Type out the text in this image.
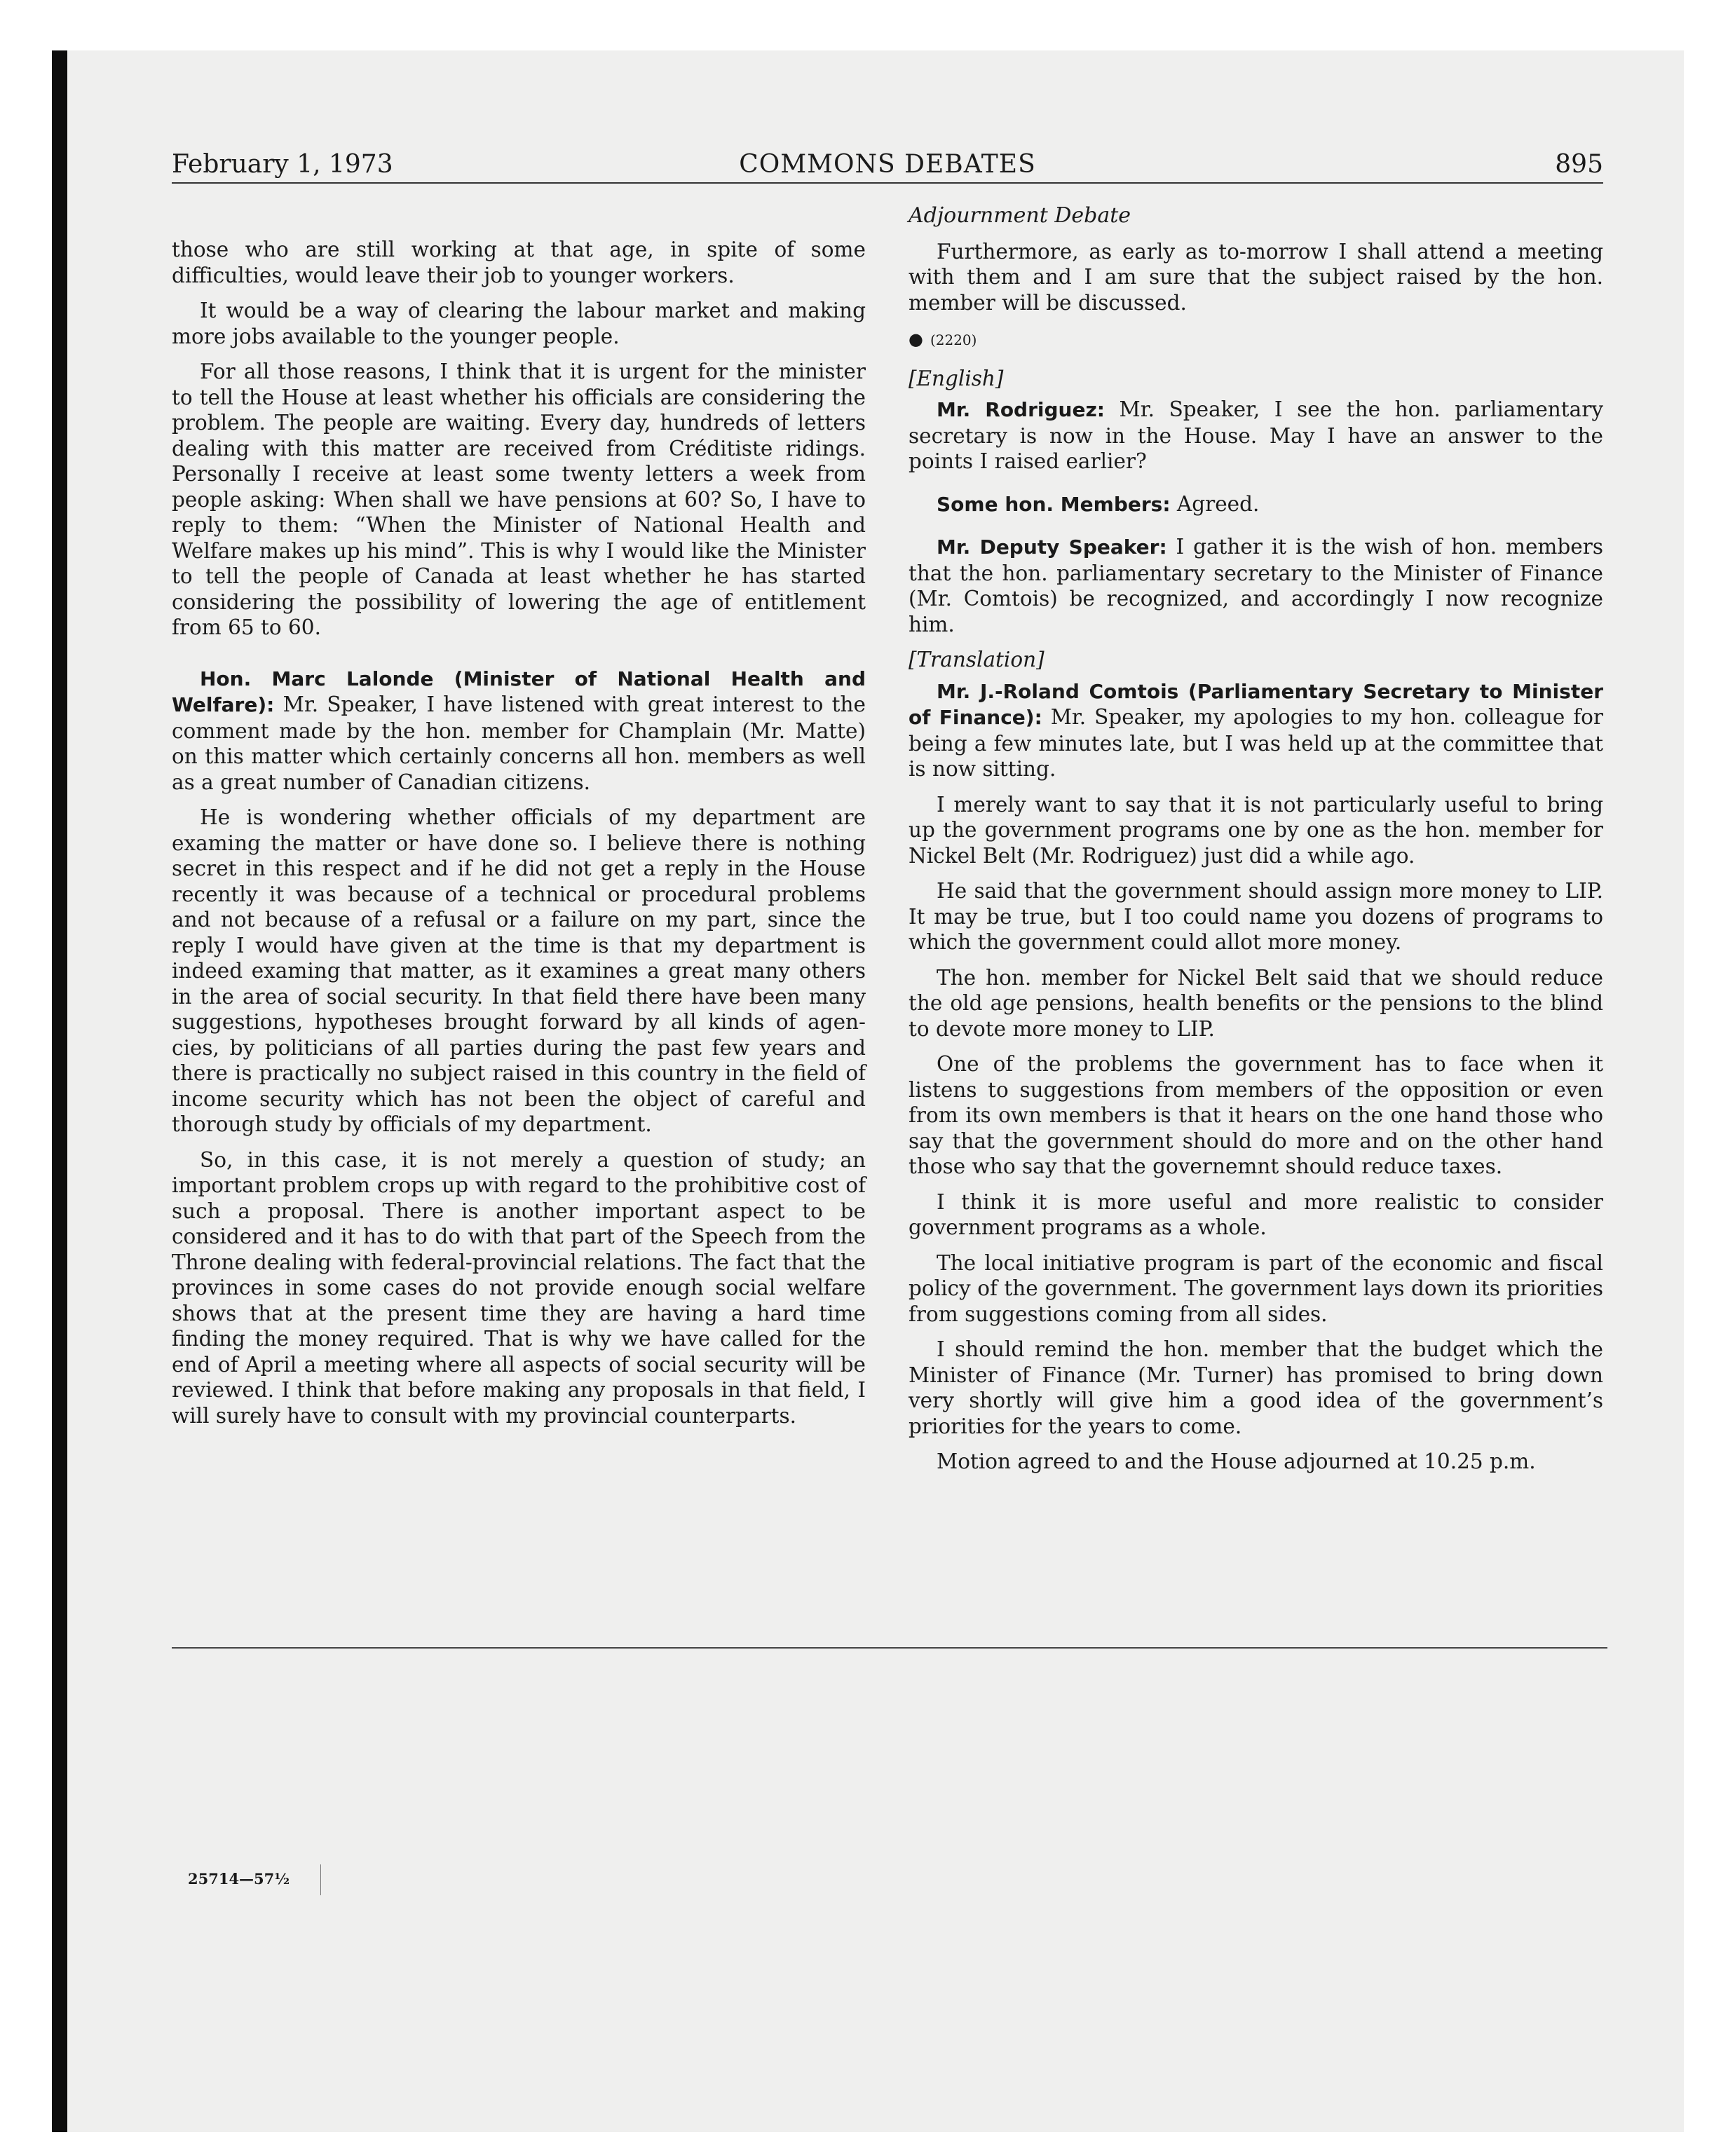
February 1, 1973	COMMONS DEBATES	895

those who are still working at that age, in spite of some difficulties, would leave their job to younger workers.

It would be a way of clearing the labour market and making more jobs available to the younger people.

For all those reasons, I think that it is urgent for the minister to tell the House at least whether his officials are considering the problem. The people are waiting. Every day, hundreds of letters dealing with this matter are received from Créditiste ridings. Personally I receive at least some twenty letters a week from people asking: When shall we have pensions at 60? So, I have to reply to them: “When the Minister of National Health and Welfare makes up his mind”. This is why I would like the Minister to tell the people of Canada at least whether he has started considering the possibility of lowering the age of entitlement from 65 to 60.

Hon. Marc Lalonde (Minister of National Health and Welfare): Mr. Speaker, I have listened with great interest to the comment made by the hon. member for Champlain (Mr. Matte) on this matter which certainly concerns all hon. members as well as a great number of Canadian citizens.

He is wondering whether officials of my department are examing the matter or have done so. I believe there is nothing secret in this respect and if he did not get a reply in the House recently it was because of a technical or procedural problems and not because of a refusal or a failure on my part, since the reply I would have given at the time is that my department is indeed examing that matter, as it examines a great many others in the area of social security. In that field there have been many suggestions, hypotheses brought forward by all kinds of agencies, by politicians of all parties during the past few years and there is practically no subject raised in this country in the field of income security which has not been the object of careful and thorough study by officials of my department.

So, in this case, it is not merely a question of study; an important problem crops up with regard to the prohibitive cost of such a proposal. There is another important aspect to be considered and it has to do with that part of the Speech from the Throne dealing with federal-provincial relations. The fact that the provinces in some cases do not provide enough social welfare shows that at the present time they are having a hard time finding the money required. That is why we have called for the end of April a meeting where all aspects of social security will be reviewed. I think that before making any proposals in that field, I will surely have to consult with my provincial counterparts.

Adjournment Debate

Furthermore, as early as to-morrow I shall attend a meeting with them and I am sure that the subject raised by the hon. member will be discussed.

● (2220)

[English]

Mr. Rodriguez: Mr. Speaker, I see the hon. parliamentary secretary is now in the House. May I have an answer to the points I raised earlier?

Some hon. Members: Agreed.

Mr. Deputy Speaker: I gather it is the wish of hon. members that the hon. parliamentary secretary to the Minister of Finance (Mr. Comtois) be recognized, and accordingly I now recognize him.

[Translation]

Mr. J.-Roland Comtois (Parliamentary Secretary to Minister of Finance): Mr. Speaker, my apologies to my hon. colleague for being a few minutes late, but I was held up at the committee that is now sitting.

I merely want to say that it is not particularly useful to bring up the government programs one by one as the hon. member for Nickel Belt (Mr. Rodriguez) just did a while ago.

He said that the government should assign more money to LIP. It may be true, but I too could name you dozens of programs to which the government could allot more money.

The hon. member for Nickel Belt said that we should reduce the old age pensions, health benefits or the pensions to the blind to devote more money to LIP.

One of the problems the government has to face when it listens to suggestions from members of the opposition or even from its own members is that it hears on the one hand those who say that the government should do more and on the other hand those who say that the governemnt should reduce taxes.

I think it is more useful and more realistic to consider government programs as a whole.

The local initiative program is part of the economic and fiscal policy of the government. The government lays down its priorities from suggestions coming from all sides.

I should remind the hon. member that the budget which the Minister of Finance (Mr. Turner) has promised to bring down very shortly will give him a good idea of the government’s priorities for the years to come.

Motion agreed to and the House adjourned at 10.25 p.m.

25714—57½
